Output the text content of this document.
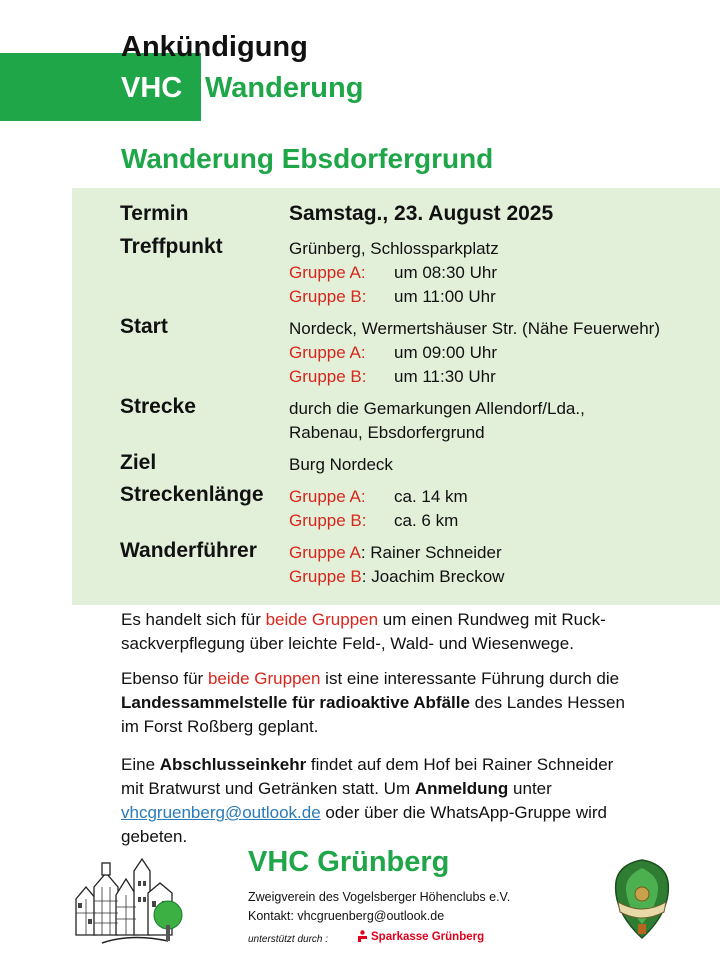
Ankündigung
VHC Wanderung
Wanderung Ebsdorfergrund
Termin	Samstag., 23. August 2025
Treffpunkt	Grünberg, Schlossparkplatz
Gruppe A: um 08:30 Uhr
Gruppe B: um 11:00 Uhr
Start	Nordeck, Wermertshäuser Str. (Nähe Feuerwehr)
Gruppe A: um 09:00 Uhr
Gruppe B: um 11:30 Uhr
Strecke	durch die Gemarkungen Allendorf/Lda.,
Rabenau, Ebsdorfergrund
Ziel	Burg Nordeck
Streckenlänge Gruppe A: ca. 14 km
Gruppe B: ca. 6 km
Wanderführer Gruppe A: Rainer Schneider
Gruppe B: Joachim Breckow
Es handelt sich für beide Gruppen um einen Rundweg mit Ruck-
sackverpflegung über leichte Feld-, Wald- und Wiesenwege.
Ebenso für beide Gruppen ist eine interessante Führung durch die
Landessammelstelle für radioaktive Abfälle des Landes Hessen
im Forst Roßberg geplant.
Eine Abschlusseinkehr findet auf dem Hof bei Rainer Schneider
mit Bratwurst und Getränken statt. Um Anmeldung unter
vhcgruenberg@outlook.de oder über die WhatsApp-Gruppe wird
gebeten.
VHC Grünberg
Zweigverein des Vogelsberger Höhenclubs e.V.
Kontakt: vhcgruenberg@outlook.de
unterstützt durch :	Sparkasse Grünberg
